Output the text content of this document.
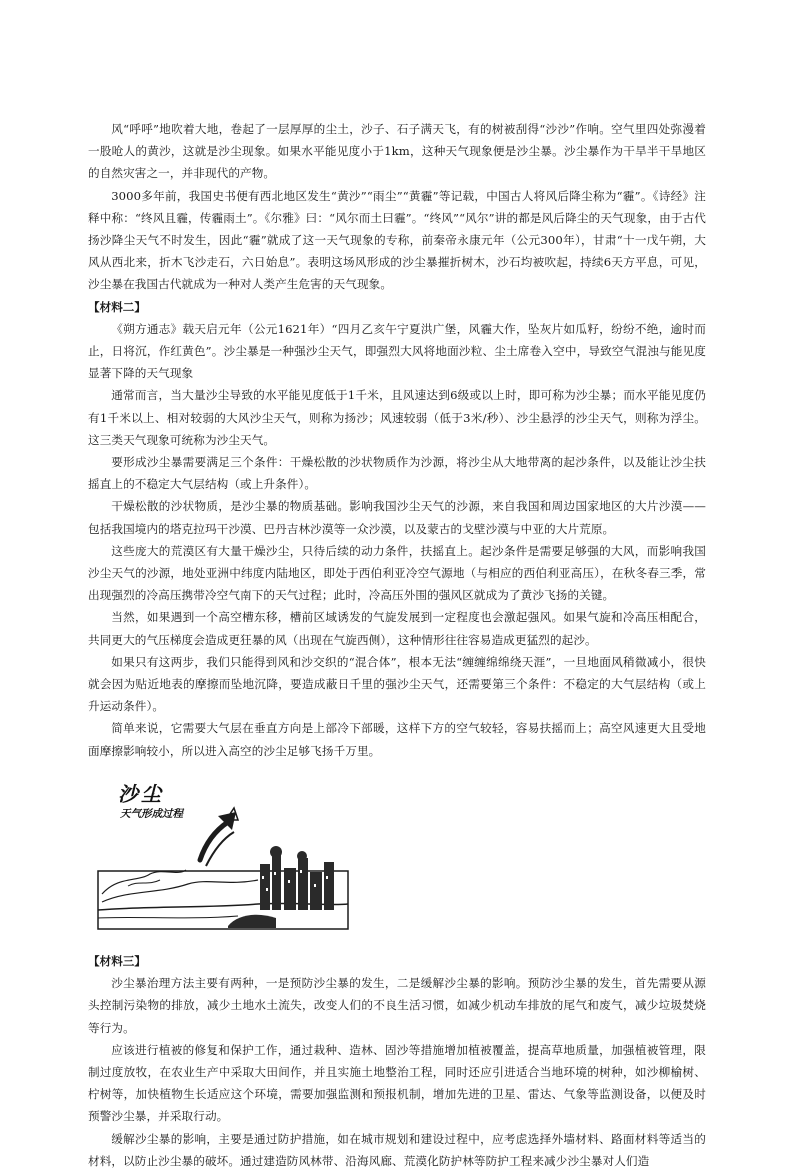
风“呼呼”地吹着大地，卷起了一层厚厚的尘土，沙子、石子满天飞，有的树被刮得“沙沙”作响。空气里四处弥漫着一股呛人的黄沙，这就是沙尘现象。如果水平能见度小于1km，这种天气现象便是沙尘暴。沙尘暴作为干旱半干旱地区的自然灾害之一，并非现代的产物。

3000多年前，我国史书便有西北地区发生“黄沙”“雨尘”“黄霾”等记载，中国古人将风后降尘称为“霾”。《诗经》注释中称：“终风且霾，传霾雨土”。《尔雅》曰：“风尔而土曰霾”。“终风”“风尔”讲的都是风后降尘的天气现象，由于古代扬沙降尘天气不时发生，因此“霾”就成了这一天气现象的专称，前秦帝永康元年（公元300年），甘肃“十一戊午朔，大风从西北来，折木飞沙走石，六日始息”。表明这场风形成的沙尘暴摧折树木，沙石均被吹起，持续6天方平息，可见，沙尘暴在我国古代就成为一种对人类产生危害的天气现象。

【材料二】

《朔方通志》载天启元年（公元1621年）“四月乙亥午宁夏洪广堡，风霾大作，坠灰片如瓜籽，纷纷不绝，逾时而止，日将沉，作红黄色”。沙尘暴是一种强沙尘天气，即强烈大风将地面沙粒、尘土席卷入空中，导致空气混浊与能见度显著下降的天气现象

通常而言，当大量沙尘导致的水平能见度低于1千米，且风速达到6级或以上时，即可称为沙尘暴；而水平能见度仍有1千米以上、相对较弱的大风沙尘天气，则称为扬沙；风速较弱（低于3米/秒）、沙尘悬浮的沙尘天气，则称为浮尘。这三类天气现象可统称为沙尘天气。

要形成沙尘暴需要满足三个条件：干燥松散的沙状物质作为沙源，将沙尘从大地带离的起沙条件，以及能让沙尘扶摇直上的不稳定大气层结构（或上升条件）。

干燥松散的沙状物质，是沙尘暴的物质基础。影响我国沙尘天气的沙源，来自我国和周边国家地区的大片沙漠——包括我国境内的塔克拉玛干沙漠、巴丹吉林沙漠等一众沙漠，以及蒙古的戈壁沙漠与中亚的大片荒原。

这些庞大的荒漠区有大量干燥沙尘，只待后续的动力条件，扶摇直上。起沙条件是需要足够强的大风，而影响我国沙尘天气的沙源，地处亚洲中纬度内陆地区，即处于西伯利亚冷空气源地（与相应的西伯利亚高压），在秋冬春三季，常出现强烈的冷高压携带冷空气南下的天气过程；此时，冷高压外围的强风区就成为了黄沙飞扬的关键。

当然，如果遇到一个高空槽东移，槽前区域诱发的气旋发展到一定程度也会激起强风。如果气旋和冷高压相配合，共同更大的气压梯度会造成更狂暴的风（出现在气旋西侧），这种情形往往容易造成更猛烈的起沙。

如果只有这两步，我们只能得到风和沙交织的“混合体”，根本无法“缠缠绵绵绕天涯”，一旦地面风稍微减小，很快就会因为贴近地表的摩擦而坠地沉降，要造成蔽日千里的强沙尘天气，还需要第三个条件：不稳定的大气层结构（或上升运动条件）。

简单来说，它需要大气层在垂直方向是上部冷下部暖，这样下方的空气较轻，容易扶摇而上；高空风速更大且受地面摩擦影响较小，所以进入高空的沙尘足够飞扬千万里。

沙尘
天气形成过程

【材料三】

沙尘暴治理方法主要有两种，一是预防沙尘暴的发生，二是缓解沙尘暴的影响。预防沙尘暴的发生，首先需要从源头控制污染物的排放，减少土地水土流失，改变人们的不良生活习惯，如减少机动车排放的尾气和废气，减少垃圾焚烧等行为。

应该进行植被的修复和保护工作，通过栽种、造林、固沙等措施增加植被覆盖，提高草地质量，加强植被管理，限制过度放牧，在农业生产中采取大田间作，并且实施土地整治工程，同时还应引进适合当地环境的树种，如沙柳榆树、柠树等，加快植物生长适应这个环境，需要加强监测和预报机制，增加先进的卫星、雷达、气象等监测设备，以便及时预警沙尘暴，并采取行动。

缓解沙尘暴的影响，主要是通过防护措施，如在城市规划和建设过程中，应考虑选择外墙材料、路面材料等适当的材料，以防止沙尘暴的破坏。通过建造防风林带、沿海风廊、荒漠化防护林等防护工程来减少沙尘暴对人们造
